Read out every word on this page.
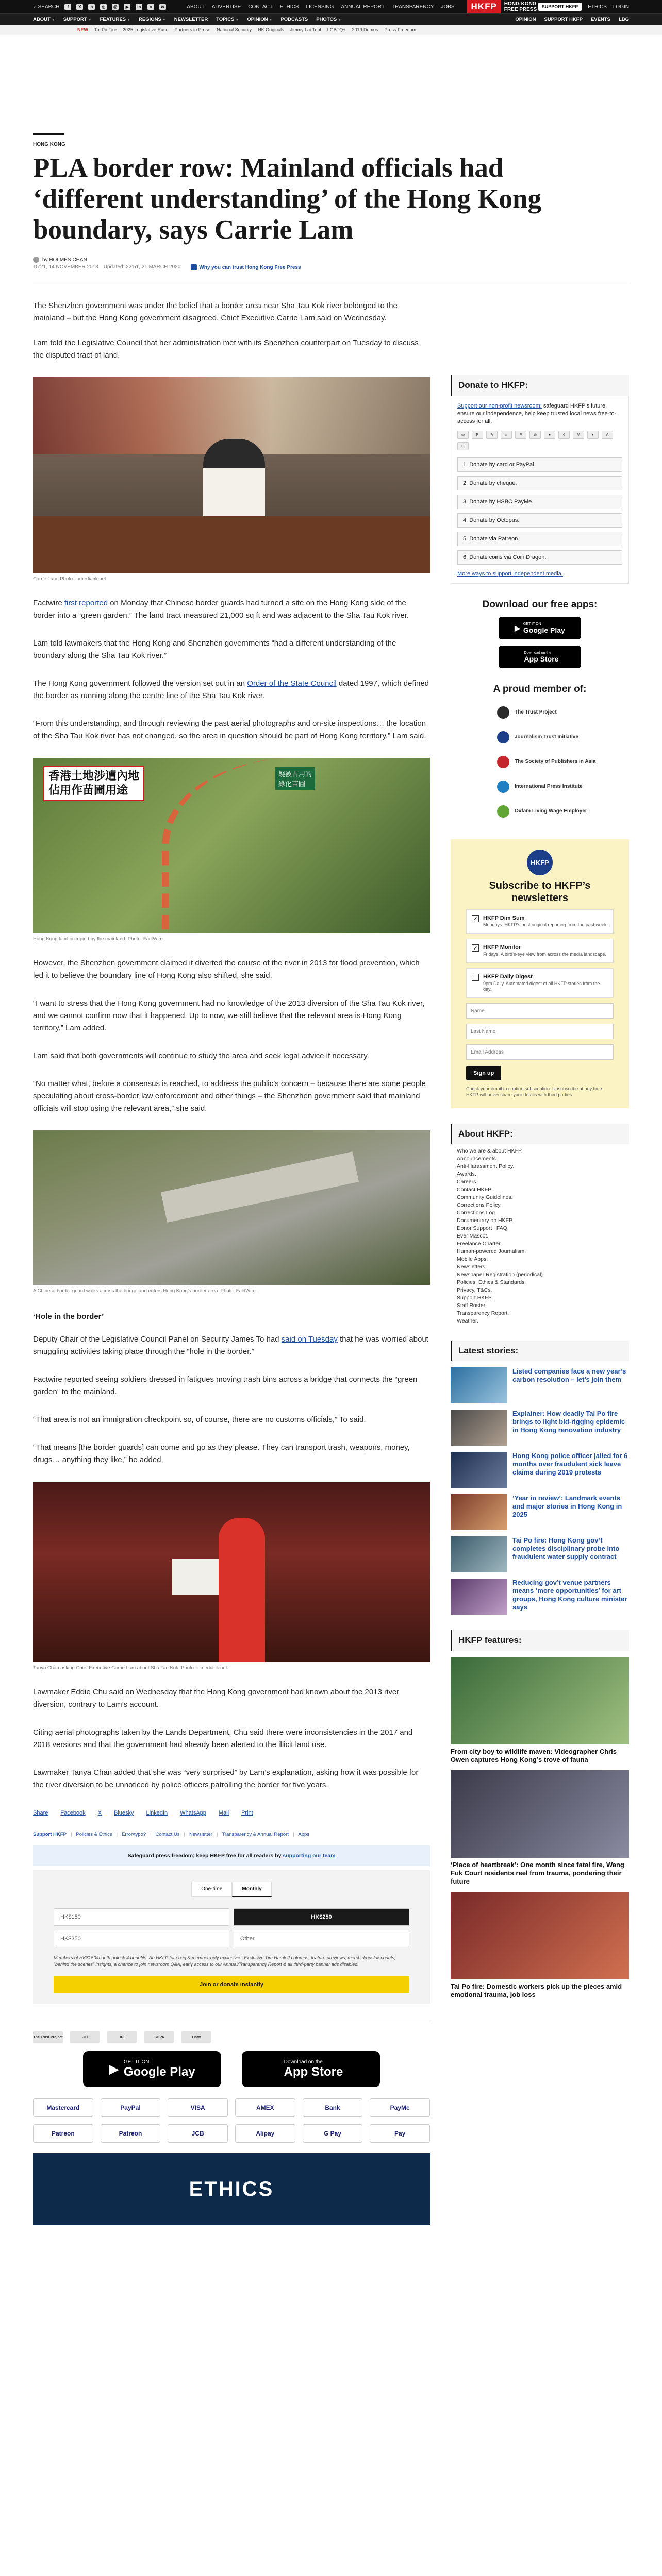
⌕ SEARCH	f	X	b	◎	@	▶	in	≈	✉	ABOUT ADVERTISE CONTACT ETHICS LICENSING ANNUAL REPORT TRANSPARENCY JOBS	HKFP	HONG KONG
FREE PRESS	SUPPORT HKFP	ETHICS LOGIN
ABOUT ▼ SUPPORT ▼ FEATURES ▼ REGIONS ▼ NEWSLETTER TOPICS ▼ OPINION ▼ PODCASTS PHOTOS ▼	OPINION SUPPORT HKFP EVENTS LBG
NEW Tai Po Fire 2025 Legislative Race Partners in Prose National Security HK Originals Jimmy Lai Trial LGBTQ+ 2019 Demos Press Freedom
HONG KONG
PLA border row: Mainland officials had ‘different understanding’ of the Hong Kong boundary, says Carrie Lam
by HOLMES CHAN
15:21, 14 NOVEMBER 2018 Updated: 22:51, 21 MARCH 2020	Why you can trust Hong Kong Free Press

The Shenzhen government was under the belief that a border area near Sha Tau Kok river belonged to the mainland – but the Hong Kong government disagreed, Chief Executive Carrie Lam said on Wednesday.

Lam told the Legislative Council that her administration met with its Shenzhen counterpart on Tuesday to discuss the disputed tract of land.

Carrie Lam. Photo: inmediahk.net.

Factwire first reported on Monday that Chinese border guards had turned a site on the Hong Kong side of the border into a “green garden.” The land tract measured 21,000 sq ft and was adjacent to the Sha Tau Kok river.

Lam told lawmakers that the Hong Kong and Shenzhen governments “had a different understanding of the boundary along the Sha Tau Kok river.”

The Hong Kong government followed the version set out in an Order of the State Council dated 1997, which defined the border as running along the centre line of the Sha Tau Kok river.

“From this understanding, and through reviewing the past aerial photographs and on-site inspections… the location of the Sha Tau Kok river has not changed, so the area in question should be part of Hong Kong territory,” Lam said.

香港土地涉遭內地
佔用作苗圃用途
疑被占用的
綠化苗圃
Hong Kong land occupied by the mainland. Photo: FactWire.

However, the Shenzhen government claimed it diverted the course of the river in 2013 for flood prevention, which led it to believe the boundary line of Hong Kong also shifted, she said.

“I want to stress that the Hong Kong government had no knowledge of the 2013 diversion of the Sha Tau Kok river, and we cannot confirm now that it happened. Up to now, we still believe that the relevant area is Hong Kong territory,” Lam added.

Lam said that both governments will continue to study the area and seek legal advice if necessary.

“No matter what, before a consensus is reached, to address the public’s concern – because there are some people speculating about cross-border law enforcement and other things – the Shenzhen government said that mainland officials will stop using the relevant area,” she said.

A Chinese border guard walks across the bridge and enters Hong Kong’s border area. Photo: FactWire.
‘Hole in the border’

Deputy Chair of the Legislative Council Panel on Security James To had said on Tuesday that he was worried about smuggling activities taking place through the “hole in the border.”

Factwire reported seeing soldiers dressed in fatigues moving trash bins across a bridge that connects the “green garden” to the mainland.

“That area is not an immigration checkpoint so, of course, there are no customs officials,” To said.

“That means [the border guards] can come and go as they please. They can transport trash, weapons, money, drugs… anything they like,” he added.

Tanya Chan asking Chief Executive Carrie Lam about Sha Tau Kok. Photo: inmediahk.net.

Lawmaker Eddie Chu said on Wednesday that the Hong Kong government had known about the 2013 river diversion, contrary to Lam’s account.

Citing aerial photographs taken by the Lands Department, Chu said there were inconsistencies in the 2017 and 2018 versions and that the government had already been alerted to the illicit land use.

Lawmaker Tanya Chan added that she was “very surprised” by Lam’s explanation, asking how it was possible for the river diversion to be unnoticed by police officers patrolling the border for five years.

Share Facebook X Bluesky LinkedIn WhatsApp Mail Print
Support HKFP | Policies & Ethics | Error/typo? | Contact Us | Newsletter | Transparency & Annual Report | Apps
Safeguard press freedom; keep HKFP free for all readers by supporting our team
One-time	Monthly
HK$150	HK$250
HK$350	Other
Members of HK$150/month unlock 4 benefits: An HKFP tote bag & member-only exclusives: Exclusive Tim Hamlett columns, feature previews, merch drops/discounts, “behind the scenes” insights, a chance to join newsroom Q&A, early access to our Annual/Transparency Report & all third-party banner ads disabled.
Join or donate instantly
The Trust Project	JTI	IPI	SOPA	OSW
▶
GET IT ON
Google Play
Download on the
App Store
Mastercard	PayPal	VISA	AMEX	Bank	PayMe
Patreon	Patreon	JCB	Alipay	G Pay	Pay
ETHICS
Donate to HKFP:

Support our non-profit newsroom: safeguard HKFP’s future, ensure our independence, help keep trusted local news free-to-access for all.

▭	P	✎	⌂	P	◍	●	¢	V	◐	A
G
1. Donate by card or PayPal.
2. Donate by cheque.
3. Donate by HSBC PayMe.
4. Donate by Octopus.
5. Donate via Patreon.
6. Donate coins via Coin Dragon.
More ways to support independent media.
Download our free apps:
▶ GET IT ON
Google Play
Download on the
App Store
A proud member of:
The Trust Project
Journalism Trust Initiative
The Society of Publishers in Asia
International Press Institute
Oxfam Living Wage Employer
HKFP
Subscribe to HKFP’s newsletters
✓ HKFP Dim Sum
Mondays. HKFP’s best original reporting from the past week.
✓ HKFP Monitor
Fridays. A bird’s-eye view from across the media landscape.
HKFP Daily Digest
9pm Daily. Automated digest of all HKFP stories from the day.
Name
Last Name
Email Address Sign up
Check your email to confirm subscription. Unsubscribe at any time. HKFP will never share your details with third parties.
About HKFP:
Who we are & about HKFP.
Announcements.
Anti-Harassment Policy.
Awards.
Careers.
Contact HKFP.
Community Guidelines.
Corrections Policy.
Corrections Log.
Documentary on HKFP.
Donor Support | FAQ.
Ever Mascot.
Freelance Charter.
Human-powered Journalism.
Mobile Apps.
Newsletters.
Newspaper Registration (periodical).
Policies, Ethics & Standards.
Privacy, T&Cs.
Support HKFP.
Staff Roster.
Transparency Report.
Weather.
Latest stories:
Listed companies face a new year’s carbon resolution – let’s join them
Explainer: How deadly Tai Po fire brings to light bid-rigging epidemic in Hong Kong renovation industry
Hong Kong police officer jailed for 6 months over fraudulent sick leave claims during 2019 protests
‘Year in review’: Landmark events and major stories in Hong Kong in 2025
Tai Po fire: Hong Kong gov’t completes disciplinary probe into fraudulent water supply contract
Reducing gov’t venue partners means ‘more opportunities’ for art groups, Hong Kong culture minister says
HKFP features:
From city boy to wildlife maven: Videographer Chris Owen captures Hong Kong’s trove of fauna
‘Place of heartbreak’: One month since fatal fire, Wang Fuk Court residents reel from trauma, pondering their future
Tai Po fire: Domestic workers pick up the pieces amid emotional trauma, job loss
